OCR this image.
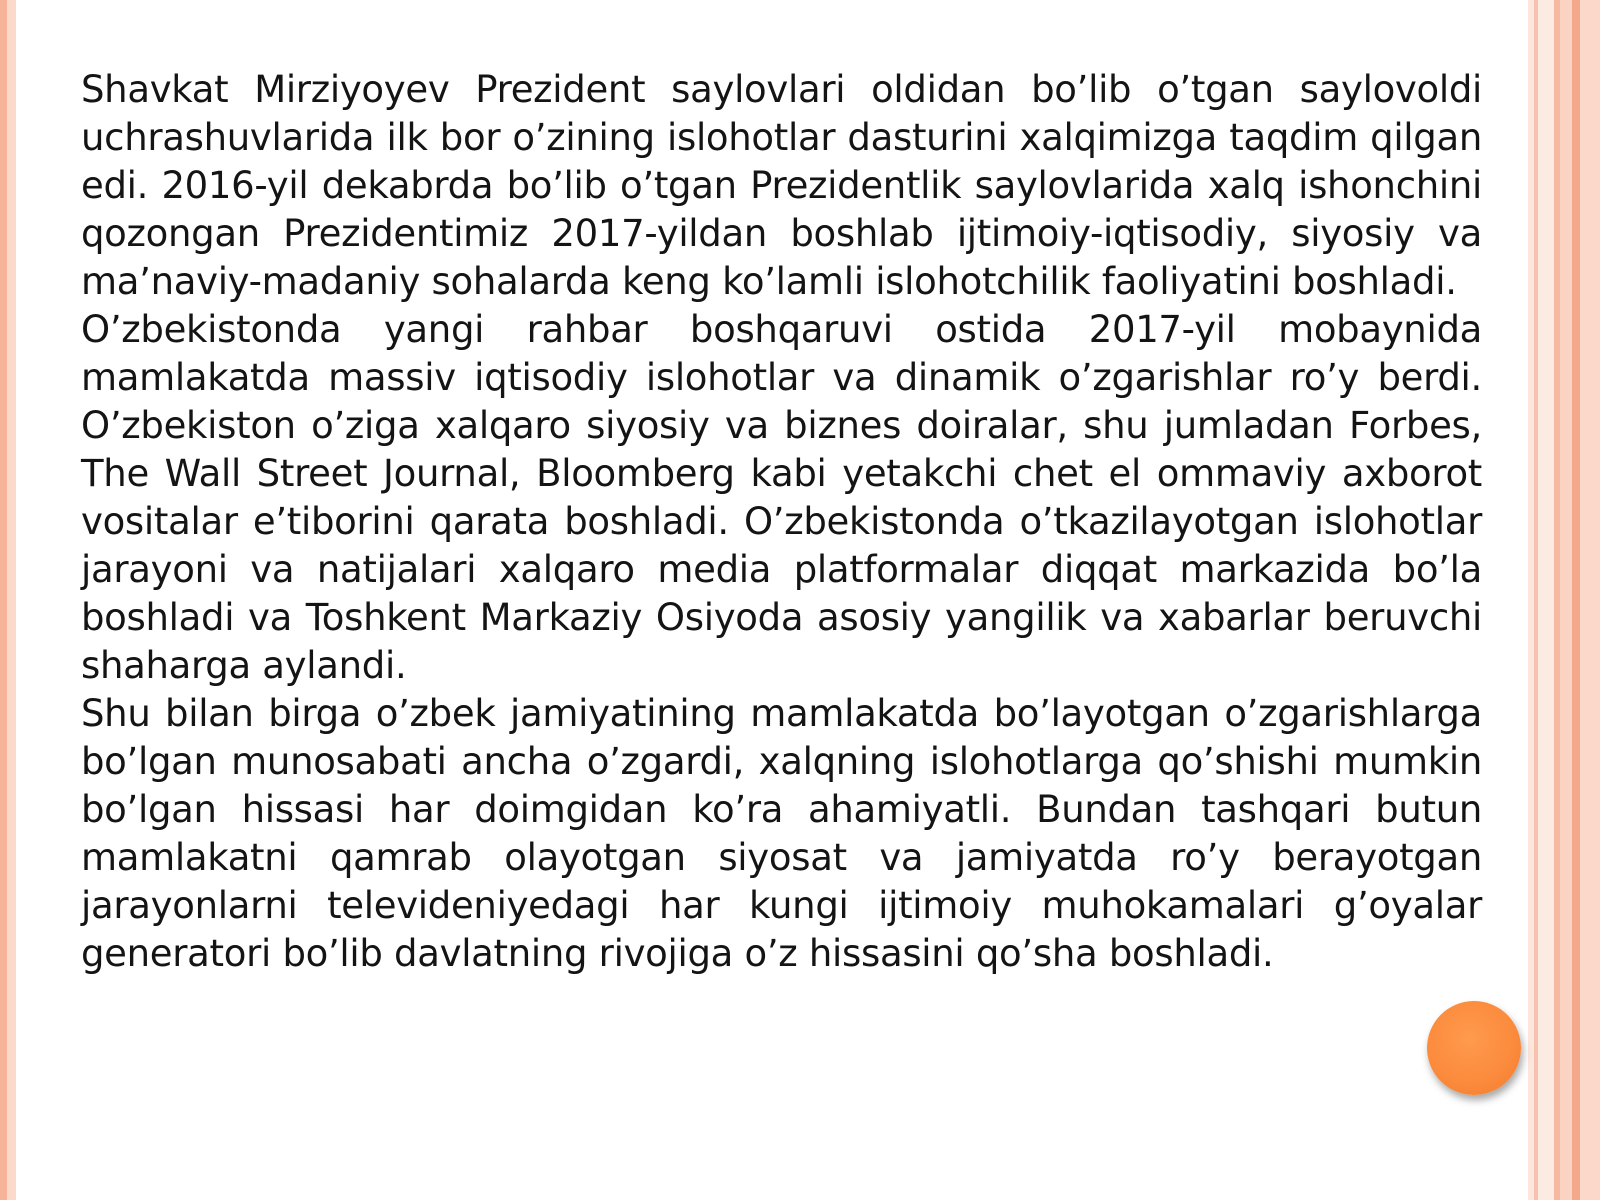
Shavkat Mirziyoyev Prezident saylovlari oldidan bo’lib o’tgan saylovoldi uchrashuvlarida ilk bor o’zining islohotlar dasturini xalqimizga taqdim qilgan edi. 2016-yil dekabrda bo’lib o’tgan Prezidentlik saylovlarida xalq ishonchini qozongan Prezidentimiz 2017-yildan boshlab ijtimoiy-iqtisodiy, siyosiy va ma’naviy-madaniy sohalarda keng ko’lamli islohotchilik faoliyatini boshladi.

O’zbekistonda yangi rahbar boshqaruvi ostida 2017-yil mobaynida mamlakatda massiv iqtisodiy islohotlar va dinamik o’zgarishlar ro’y berdi. O’zbekiston o’ziga xalqaro siyosiy va biznes doiralar, shu jumladan Forbes, The Wall Street Journal, Bloomberg kabi yetakchi chet el ommaviy axborot vositalar e’tiborini qarata boshladi. O’zbekistonda o’tkazilayotgan islohotlar jarayoni va natijalari xalqaro media platformalar diqqat markazida bo’la boshladi va Toshkent Markaziy Osiyoda asosiy yangilik va xabarlar beruvchi shaharga aylandi.

Shu bilan birga o’zbek jamiyatining mamlakatda bo’layotgan o’zgarishlarga bo’lgan munosabati ancha o’zgardi, xalqning islohotlarga qo’shishi mumkin bo’lgan hissasi har doimgidan ko’ra ahamiyatli. Bundan tashqari butun mamlakatni qamrab olayotgan siyosat va jamiyatda ro’y berayotgan jarayonlarni televideniyedagi har kungi ijtimoiy muhokamalari g’oyalar generatori bo’lib davlatning rivojiga o’z hissasini qo’sha boshladi.
